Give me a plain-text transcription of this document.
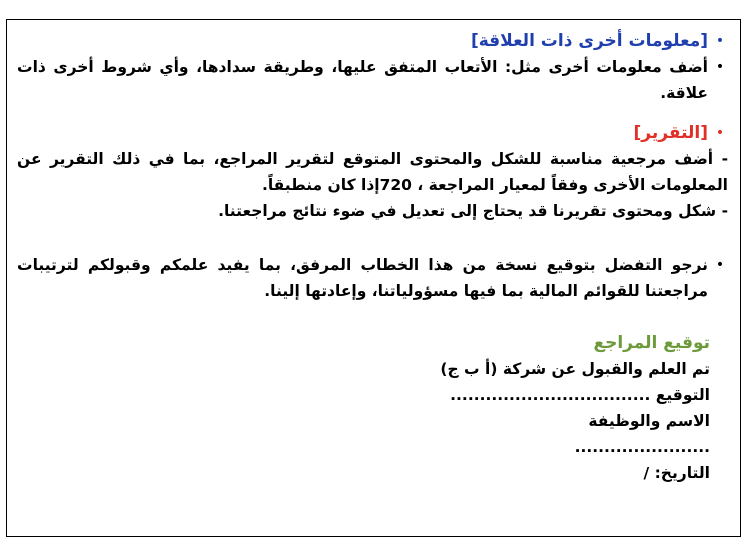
•
[معلومات أخرى ذات العلاقة]
•
أضف معلومات أخرى مثل: الأتعاب المتفق عليها، وطريقة سدادها، وأي شروط أخرى ذات علاقة.
•
[التقرير]
- أضف مرجعية مناسبة للشكل والمحتوى المتوقع لتقرير المراجع، بما في ذلك التقرير عن المعلومات الأخرى وفقاً لمعيار المراجعة ، 720إذا كان منطبقاً.
- شكل ومحتوى تقريرنا قد يحتاج إلى تعديل في ضوء نتائج مراجعتنا.
•
نرجو التفضل بتوقيع نسخة من هذا الخطاب المرفق، بما يفيد علمكم وقبولكم لترتيبات مراجعتنا للقوائم المالية بما فيها مسؤولياتنا، وإعادتها إلينا.
توقيع المراجع
تم العلم والقبول عن شركة (أ ب ج)
التوقيع ..................................
الاسم والوظيفة
.......................
التاريخ: /
